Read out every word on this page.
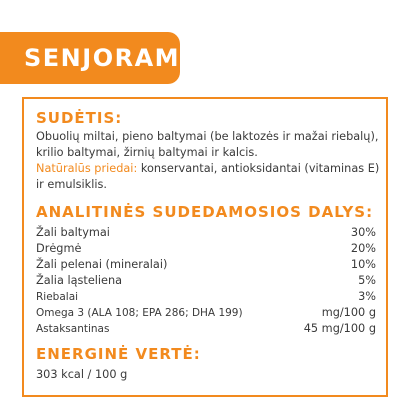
SENJORAMS
SUDĖTIS:
Obuolių miltai, pieno baltymai (be laktozės ir mažai riebalų), krilio baltymai, žirnių baltymai ir kalcis.
Natūralūs priedai: konservantai, antioksidantai (vitaminas E) ir emulsiklis.
ANALITINĖS SUDEDAMOSIOS DALYS:
Žali baltymai	30%
Drėgmė	20%
Žali pelenai (mineralai)	10%
Žalia ląsteliena	5%
Riebalai	3%
Omega 3 (ALA 108; EPA 286; DHA 199)	mg/100 g
Astaksantinas	45 mg/100 g
ENERGINĖ VERTĖ:
303 kcal / 100 g
